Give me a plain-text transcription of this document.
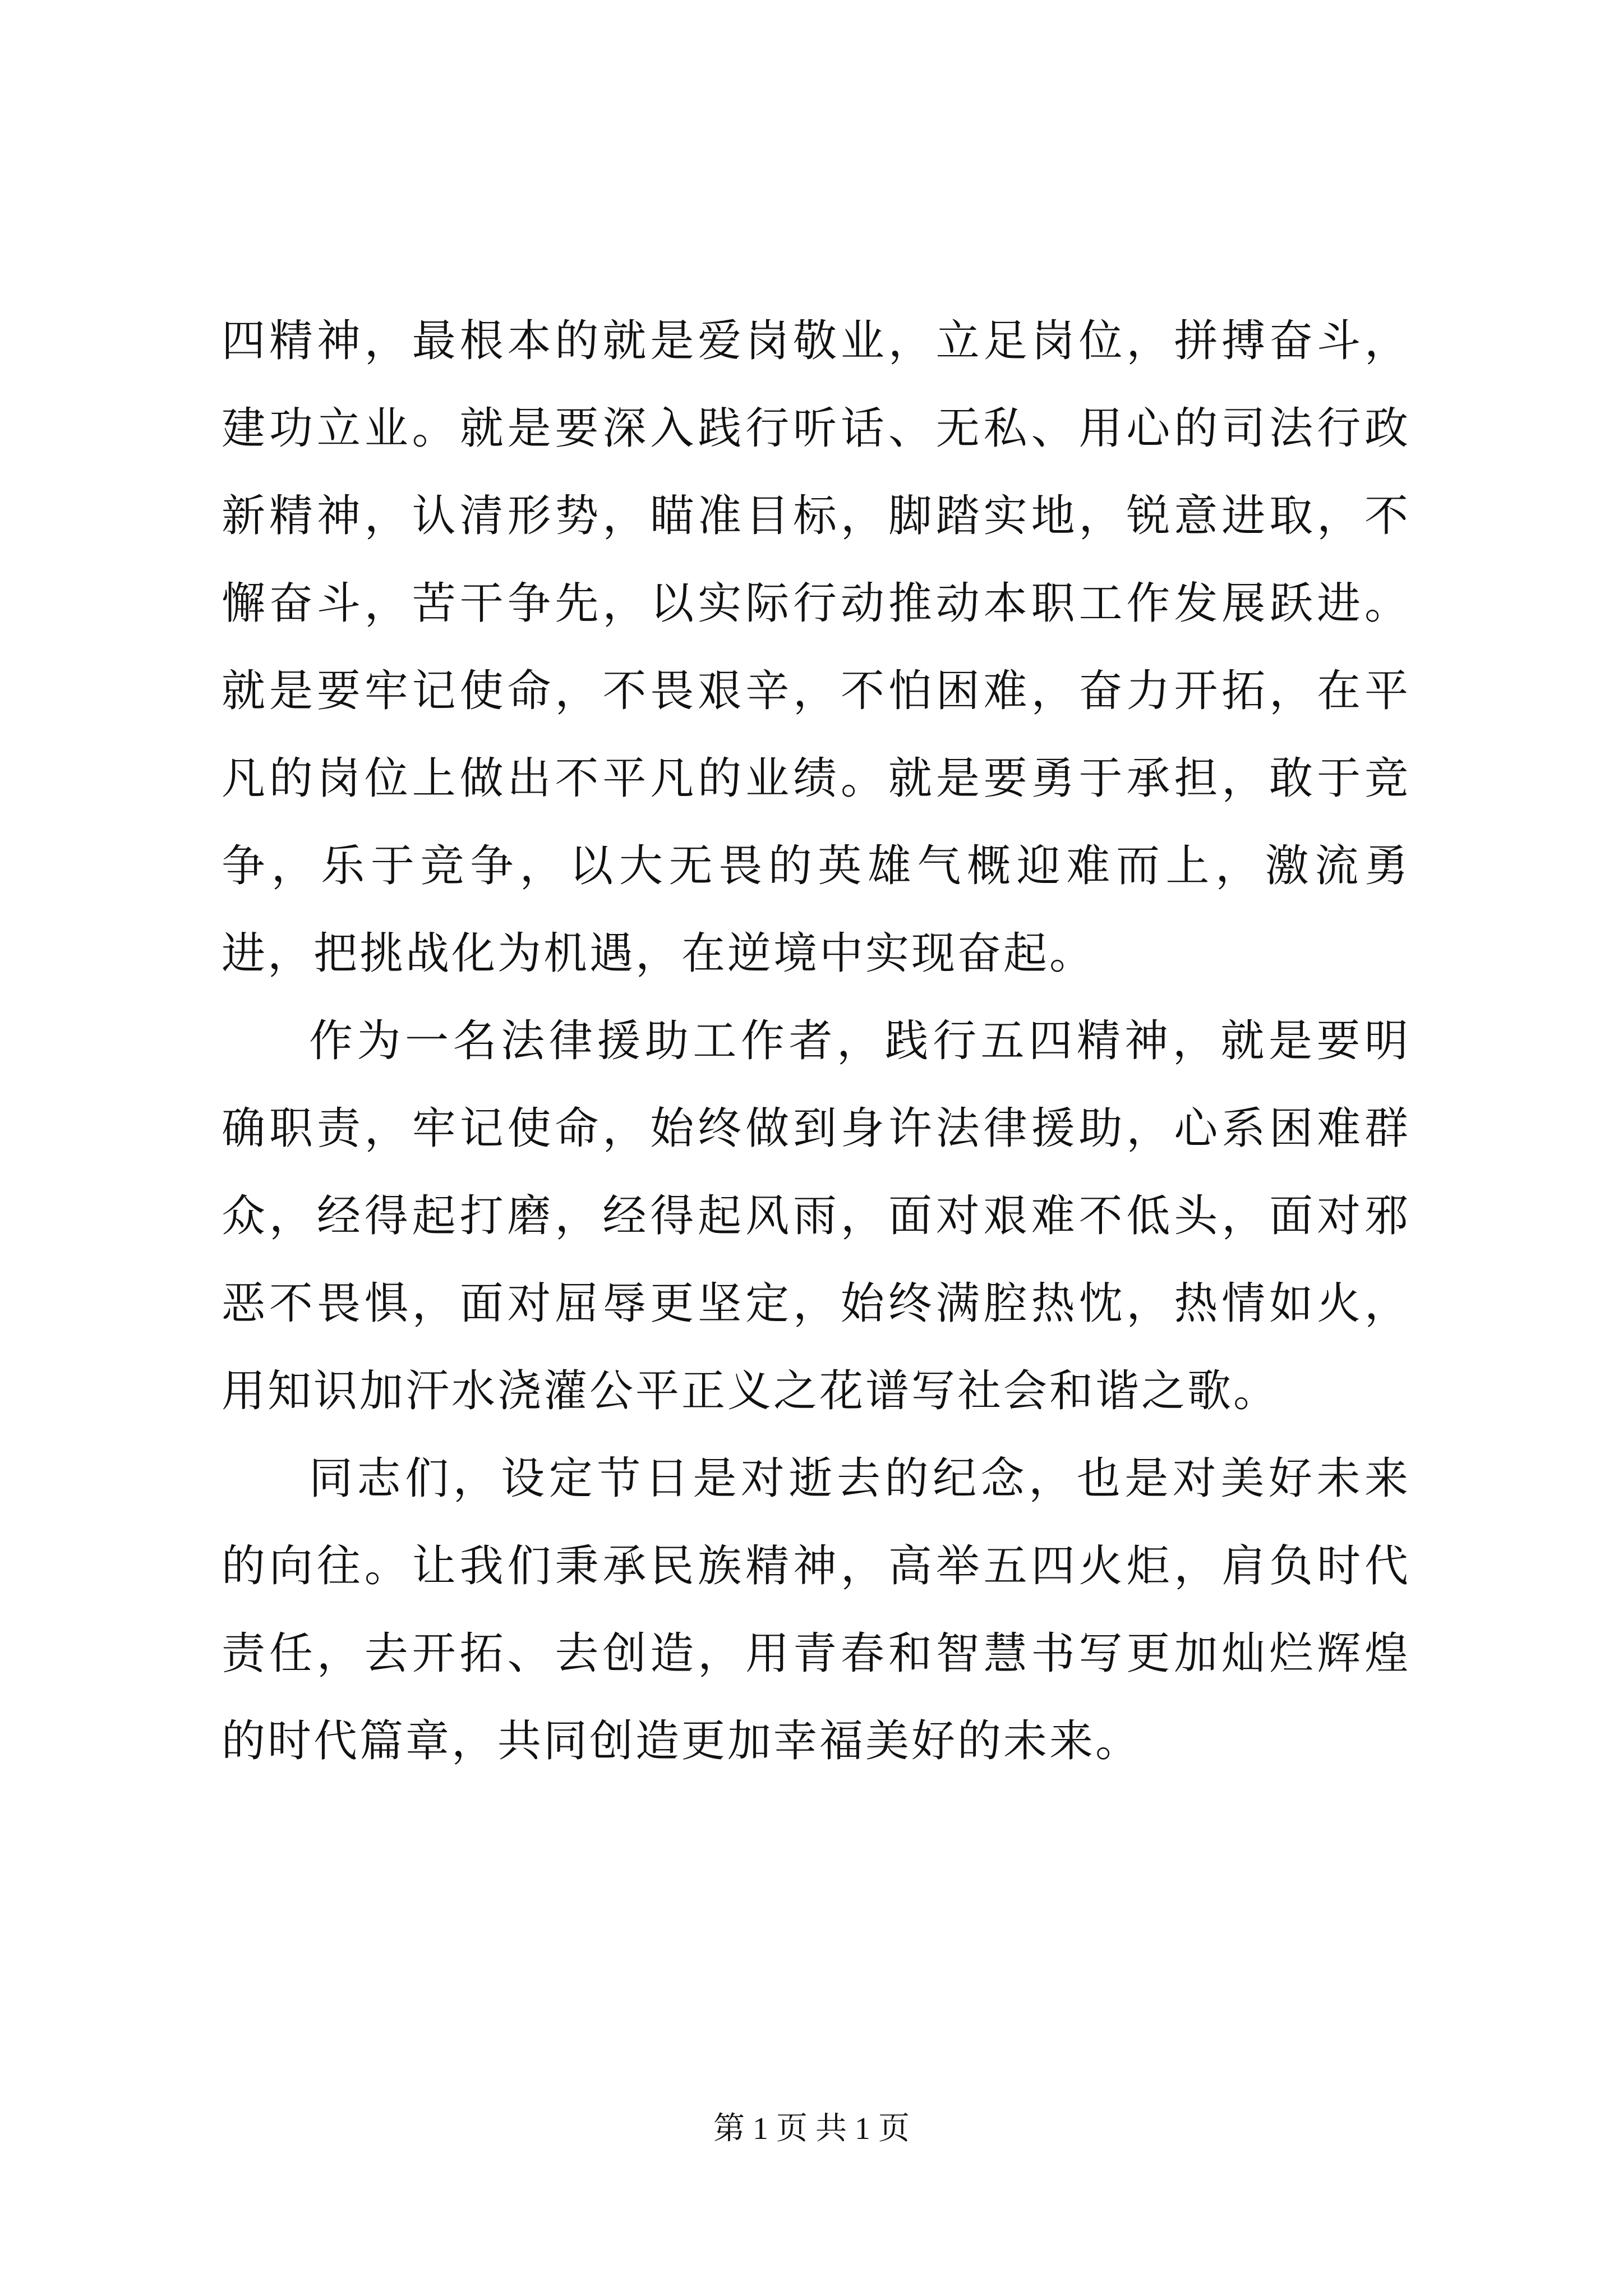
四精神，最根本的就是爱岗敬业，立足岗位，拼搏奋斗，建功立业。就是要深入践行听话、无私、用心的司法行政新精神，认清形势，瞄准目标，脚踏实地，锐意进取，不懈奋斗，苦干争先，以实际行动推动本职工作发展跃进。就是要牢记使命，不畏艰辛，不怕困难，奋力开拓，在平凡的岗位上做出不平凡的业绩。就是要勇于承担，敢于竞争，乐于竞争，以大无畏的英雄气概迎难而上，激流勇进，把挑战化为机遇，在逆境中实现奋起。

作为一名法律援助工作者，践行五四精神，就是要明确职责，牢记使命，始终做到身许法律援助，心系困难群众，经得起打磨，经得起风雨，面对艰难不低头，面对邪恶不畏惧，面对屈辱更坚定，始终满腔热忱，热情如火，用知识加汗水浇灌公平正义之花谱写社会和谐之歌。

同志们，设定节日是对逝去的纪念，也是对美好未来的向往。让我们秉承民族精神，高举五四火炬，肩负时代责任，去开拓、去创造，用青春和智慧书写更加灿烂辉煌的时代篇章，共同创造更加幸福美好的未来。

第 1 页 共 1 页
